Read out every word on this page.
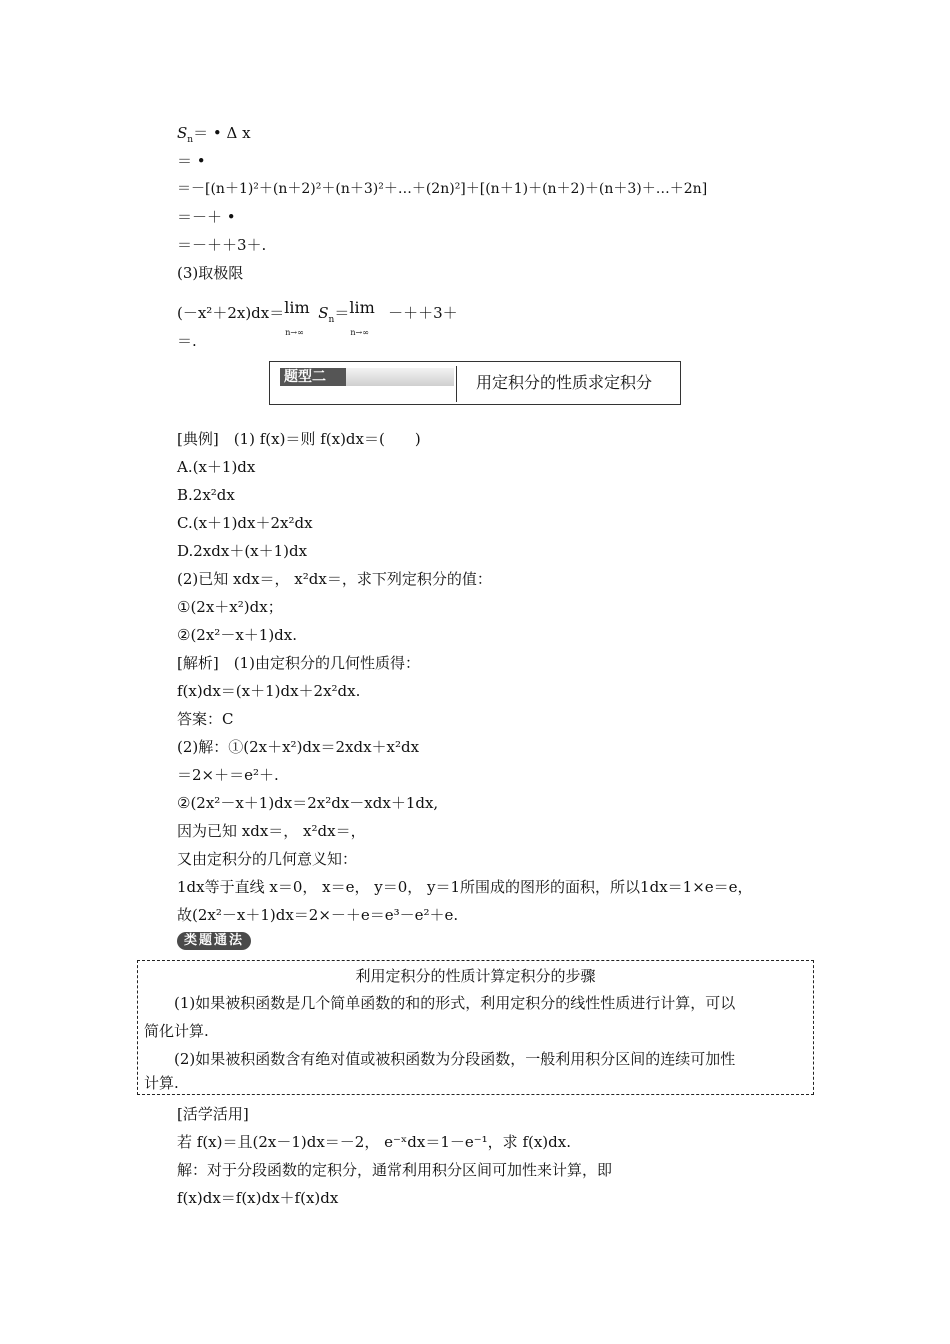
$S_n=$ • Δ x
＝ •
＝－[(n＋1)²＋(n＋2)²＋(n＋3)²＋…＋(2n)²]＋[(n＋1)＋(n＋2)＋(n＋3)＋…＋2n]
＝－＋ •
＝－＋＋3＋.
(3)取极限
(－x²＋2x)dx＝ lim
n→∞
$S_n= \lim$
n→∞
－＋＋3＋
＝.
题型二	用定积分的性质求定积分
[典例]　(1) f(x)＝则 f(x)dx＝(　　)
A.(x＋1)dx
B.2x²dx
C.(x＋1)dx＋2x²dx
D.2xdx＋(x＋1)dx
(2)已知 xdx＝， x²dx＝，求下列定积分的值：
①(2x＋x²)dx；
②(2x²－x＋1)dx.
[解析]　(1)由定积分的几何性质得：
f(x)dx＝(x＋1)dx＋2x²dx.
答案：C
(2)解：①(2x＋x²)dx＝2xdx＋x²dx
＝2×＋＝e²＋.
②(2x²－x＋1)dx＝2x²dx－xdx＋1dx,
因为已知 xdx＝， x²dx＝，
又由定积分的几何意义知：
1dx等于直线 x＝0， x＝e， y＝0， y＝1所围成的图形的面积，所以1dx＝1×e＝e，
故(2x²－x＋1)dx＝2×－＋e＝e³－e²＋e.
类题通法
利用定积分的性质计算定积分的步骤
(1)如果被积函数是几个简单函数的和的形式，利用定积分的线性性质进行计算，可以
简化计算.
(2)如果被积函数含有绝对值或被积函数为分段函数，一般利用积分区间的连续可加性
计算.
[活学活用]
若 f(x)＝且(2x－1)dx＝－2， e⁻ˣdx＝1－e⁻¹，求 f(x)dx.
解：对于分段函数的定积分，通常利用积分区间可加性来计算，即
f(x)dx＝f(x)dx＋f(x)dx
